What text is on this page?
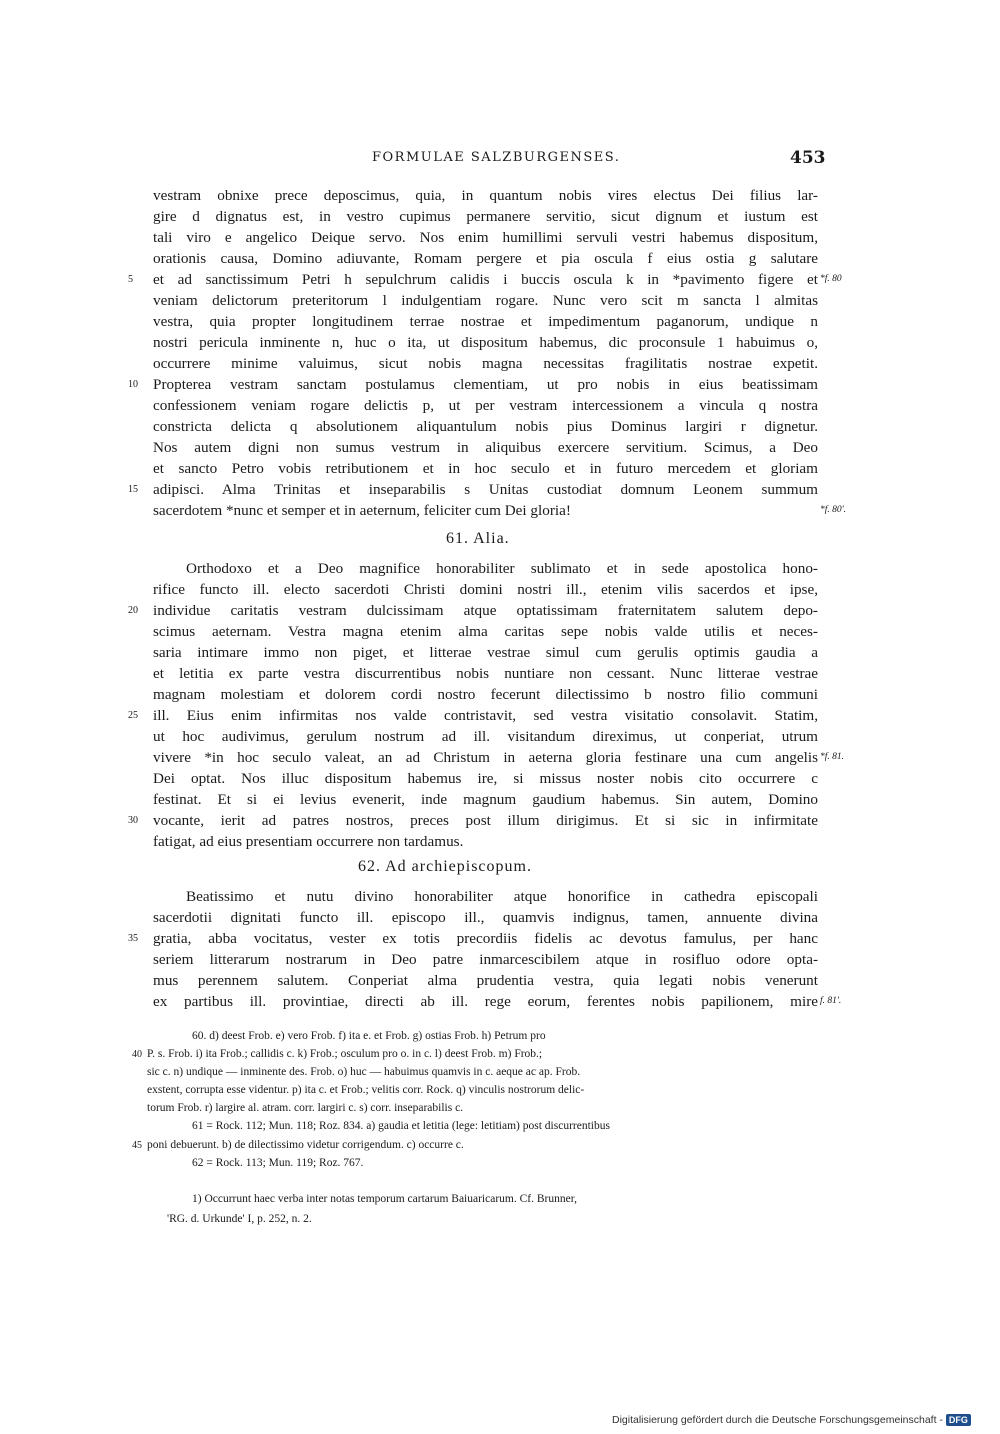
FORMULAE SALZBURGENSES.	453
vestram obnixe prece deposcimus, quia, in quantum nobis vires electus Dei filius lar-
gire d dignatus est, in vestro cupimus permanere servitio, sicut dignum et iustum est
tali viro e angelico Deique servo. Nos enim humillimi servuli vestri habemus dispositum,
orationis causa, Domino adiuvante, Romam pergere et pia oscula f eius ostia g salutare
5 et ad sanctissimum Petri h sepulchrum calidis i buccis oscula k in *pavimento figere et *f. 80
veniam delictorum preteritorum l indulgentiam rogare. Nunc vero scit m sancta l almitas
vestra, quia propter longitudinem terrae nostrae et impedimentum paganorum, undique n
nostri pericula inminente n, huc o ita, ut dispositum habemus, dic proconsule 1 habuimus o,
occurrere minime valuimus, sicut nobis magna necessitas fragilitatis nostrae expetit.
10 Propterea vestram sanctam postulamus clementiam, ut pro nobis in eius beatissimam
confessionem veniam rogare delictis p, ut per vestram intercessionem a vincula q nostra
constricta delicta q absolutionem aliquantulum nobis pius Dominus largiri r dignetur.
Nos autem digni non sumus vestrum in aliquibus exercere servitium. Scimus, a Deo
et sancto Petro vobis retributionem et in hoc seculo et in futuro mercedem et gloriam
15 adipisci. Alma Trinitas et inseparabilis s Unitas custodiat domnum Leonem summum
sacerdotem *nunc et semper et in aeternum, feliciter cum Dei gloria!	*f. 80'.
61. Alia.
Orthodoxo et a Deo magnifice honorabiliter sublimato et in sede apostolica hono-
rifice functo ill. electo sacerdoti Christi domini nostri ill., etenim vilis sacerdos et ipse,
20 individue caritatis vestram dulcissimam atque optatissimam fraternitatem salutem depo-
scimus aeternam. Vestra magna etenim alma caritas sepe nobis valde utilis et neces-
saria intimare immo non piget, et litterae vestrae simul cum gerulis optimis gaudia a
et letitia ex parte vestra discurrentibus nobis nuntiare non cessant. Nunc litterae vestrae
magnam molestiam et dolorem cordi nostro fecerunt dilectissimo b nostro filio communi
25 ill. Eius enim infirmitas nos valde contristavit, sed vestra visitatio consolavit. Statim,
ut hoc audivimus, gerulum nostrum ad ill. visitandum direximus, ut conperiat, utrum
vivere *in hoc seculo valeat, an ad Christum in aeterna gloria festinare una cum angelis *f. 81.
Dei optat. Nos illuc dispositum habemus ire, si missus noster nobis cito occurrere c
festinat. Et si ei levius evenerit, inde magnum gaudium habemus. Sin autem, Domino
30 vocante, ierit ad patres nostros, preces post illum dirigimus. Et si sic in infirmitate
fatigat, ad eius presentiam occurrere non tardamus.
62. Ad archiepiscopum.
Beatissimo et nutu divino honorabiliter atque honorifice in cathedra episcopali
sacerdotii dignitati functo ill. episcopo ill., quamvis indignus, tamen, annuente divina
35 gratia, abba vocitatus, vester ex totis precordiis fidelis ac devotus famulus, per hanc
seriem litterarum nostrarum in Deo patre inmarcescibilem atque in rosifluo odore opta-
mus perennem salutem. Conperiat alma prudentia vestra, quia legati nobis venerunt
ex partibus ill. provintiae, directi ab ill. rege eorum, ferentes nobis papilionem, mire f. 81'.
60. d) deest Frob. e) vero Frob. f) ita e. et Frob. g) ostias Frob. h) Petrum pro
40 P. s. Frob. i) ita Frob.; callidis c. k) Frob.; osculum pro o. in c. l) deest Frob. m) Frob.;
sic c. n) undique — inminente des. Frob. o) huc — habuimus quamvis in c. aeque ac ap. Frob.
exstent, corrupta esse videntur. p) ita c. et Frob.; velitis corr. Rock. q) vinculis nostrorum delic-
torum Frob. r) largire al. atram. corr. largiri c. s) corr. inseparabilis c.
61 = Rock. 112; Mun. 118; Roz. 834. a) gaudia et letitia (lege: letitiam) post discurrentibus
45 poni debuerunt. b) de dilectissimo videtur corrigendum. c) occurre c.
62 = Rock. 113; Mun. 119; Roz. 767.
1) Occurrunt haec verba inter notas temporum cartarum Baiuaricarum. Cf. Brunner,
'RG. d. Urkunde' I, p. 252, n. 2.
Digitalisierung gefördert durch die Deutsche Forschungsgemeinschaft - DFG
